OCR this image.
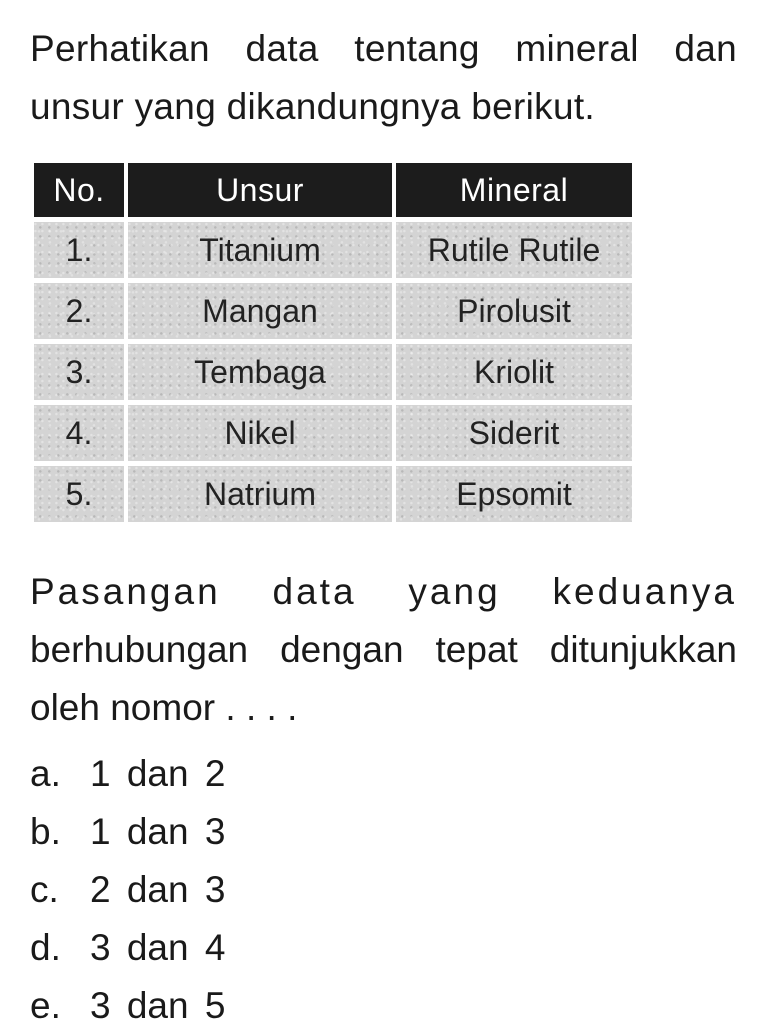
Perhatikan data tentang mineral dan
unsur yang dikandungnya berikut.

No.	Unsur	Mineral
1.	Titanium	Rutile Rutile
2.	Mangan	Pirolusit
3.	Tembaga	Kriolit
4.	Nikel	Siderit
5.	Natrium	Epsomit

Pasangan data yang keduanya
berhubungan dengan tepat ditunjukkan
oleh nomor . . . .

a. 1 dan 2
b. 1 dan 3
c. 2 dan 3
d. 3 dan 4
e. 3 dan 5
